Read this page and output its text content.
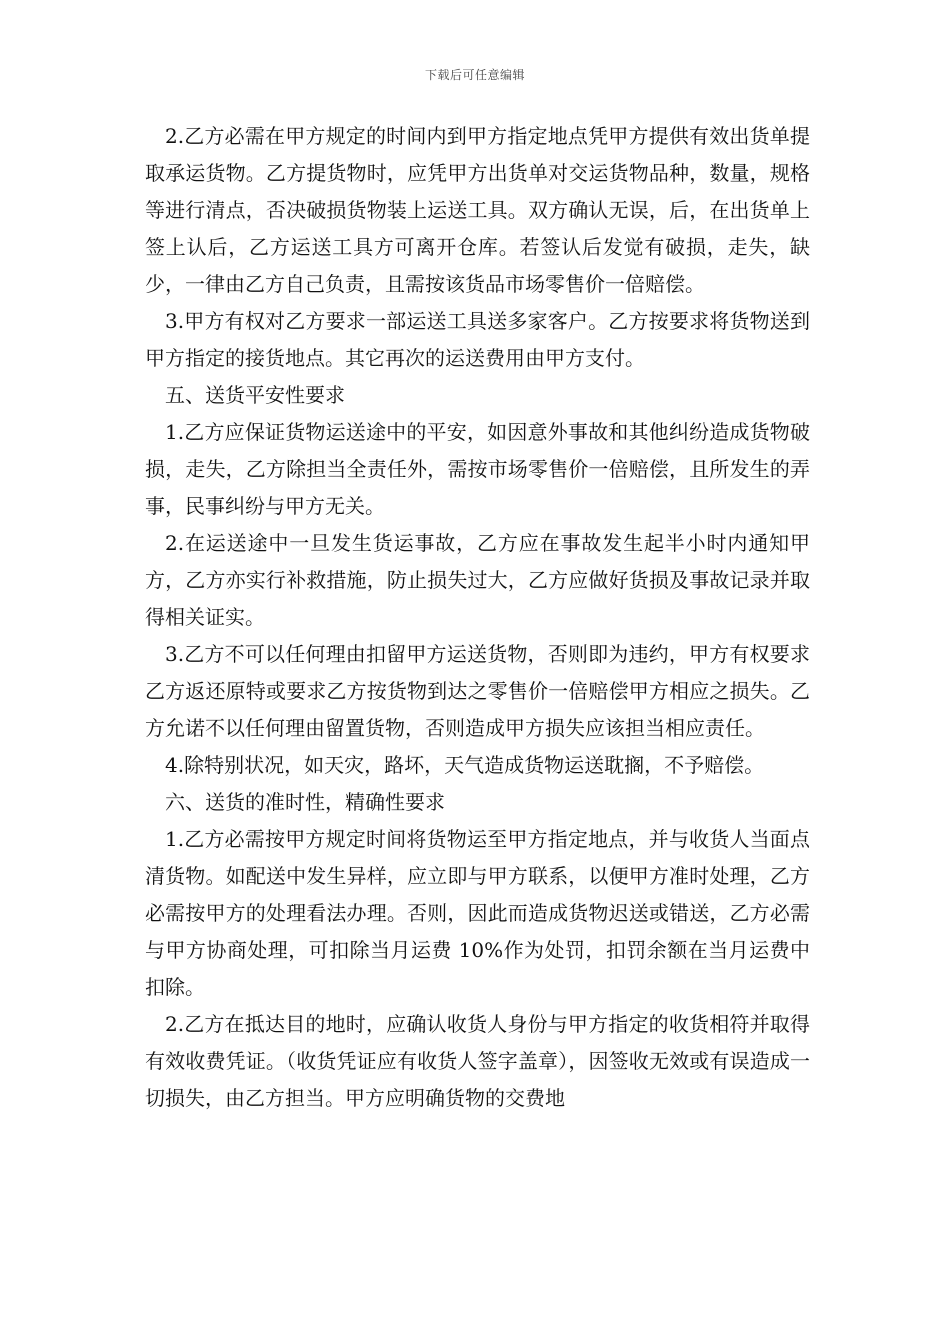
下载后可任意编辑

2.乙方必需在甲方规定的时间内到甲方指定地点凭甲方提供有效出货单提取承运货物。乙方提货物时，应凭甲方出货单对交运货物品种，数量，规格等进行清点，否决破损货物装上运送工具。双方确认无误，后，在出货单上签上认后，乙方运送工具方可离开仓库。若签认后发觉有破损，走失，缺少，一律由乙方自己负责，且需按该货品市场零售价一倍赔偿。

3.甲方有权对乙方要求一部运送工具送多家客户。乙方按要求将货物送到甲方指定的接货地点。其它再次的运送费用由甲方支付。

五、送货平安性要求

1.乙方应保证货物运送途中的平安，如因意外事故和其他纠纷造成货物破损，走失，乙方除担当全责任外，需按市场零售价一倍赔偿，且所发生的弄事，民事纠纷与甲方无关。

2.在运送途中一旦发生货运事故，乙方应在事故发生起半小时内通知甲方，乙方亦实行补救措施，防止损失过大，乙方应做好货损及事故记录并取得相关证实。

3.乙方不可以任何理由扣留甲方运送货物，否则即为违约，甲方有权要求乙方返还原特或要求乙方按货物到达之零售价一倍赔偿甲方相应之损失。乙方允诺不以任何理由留置货物，否则造成甲方损失应该担当相应责任。

4.除特别状况，如天灾，路坏，天气造成货物运送耽搁，不予赔偿。

六、送货的准时性，精确性要求

1.乙方必需按甲方规定时间将货物运至甲方指定地点，并与收货人当面点清货物。如配送中发生异样，应立即与甲方联系，以便甲方准时处理，乙方必需按甲方的处理看法办理。否则，因此而造成货物迟送或错送，乙方必需与甲方协商处理，可扣除当月运费 10%作为处罚，扣罚余额在当月运费中扣除。

2.乙方在抵达目的地时，应确认收货人身份与甲方指定的收货相符并取得有效收费凭证。（收货凭证应有收货人签字盖章），因签收无效或有误造成一切损失，由乙方担当。甲方应明确货物的交费地
